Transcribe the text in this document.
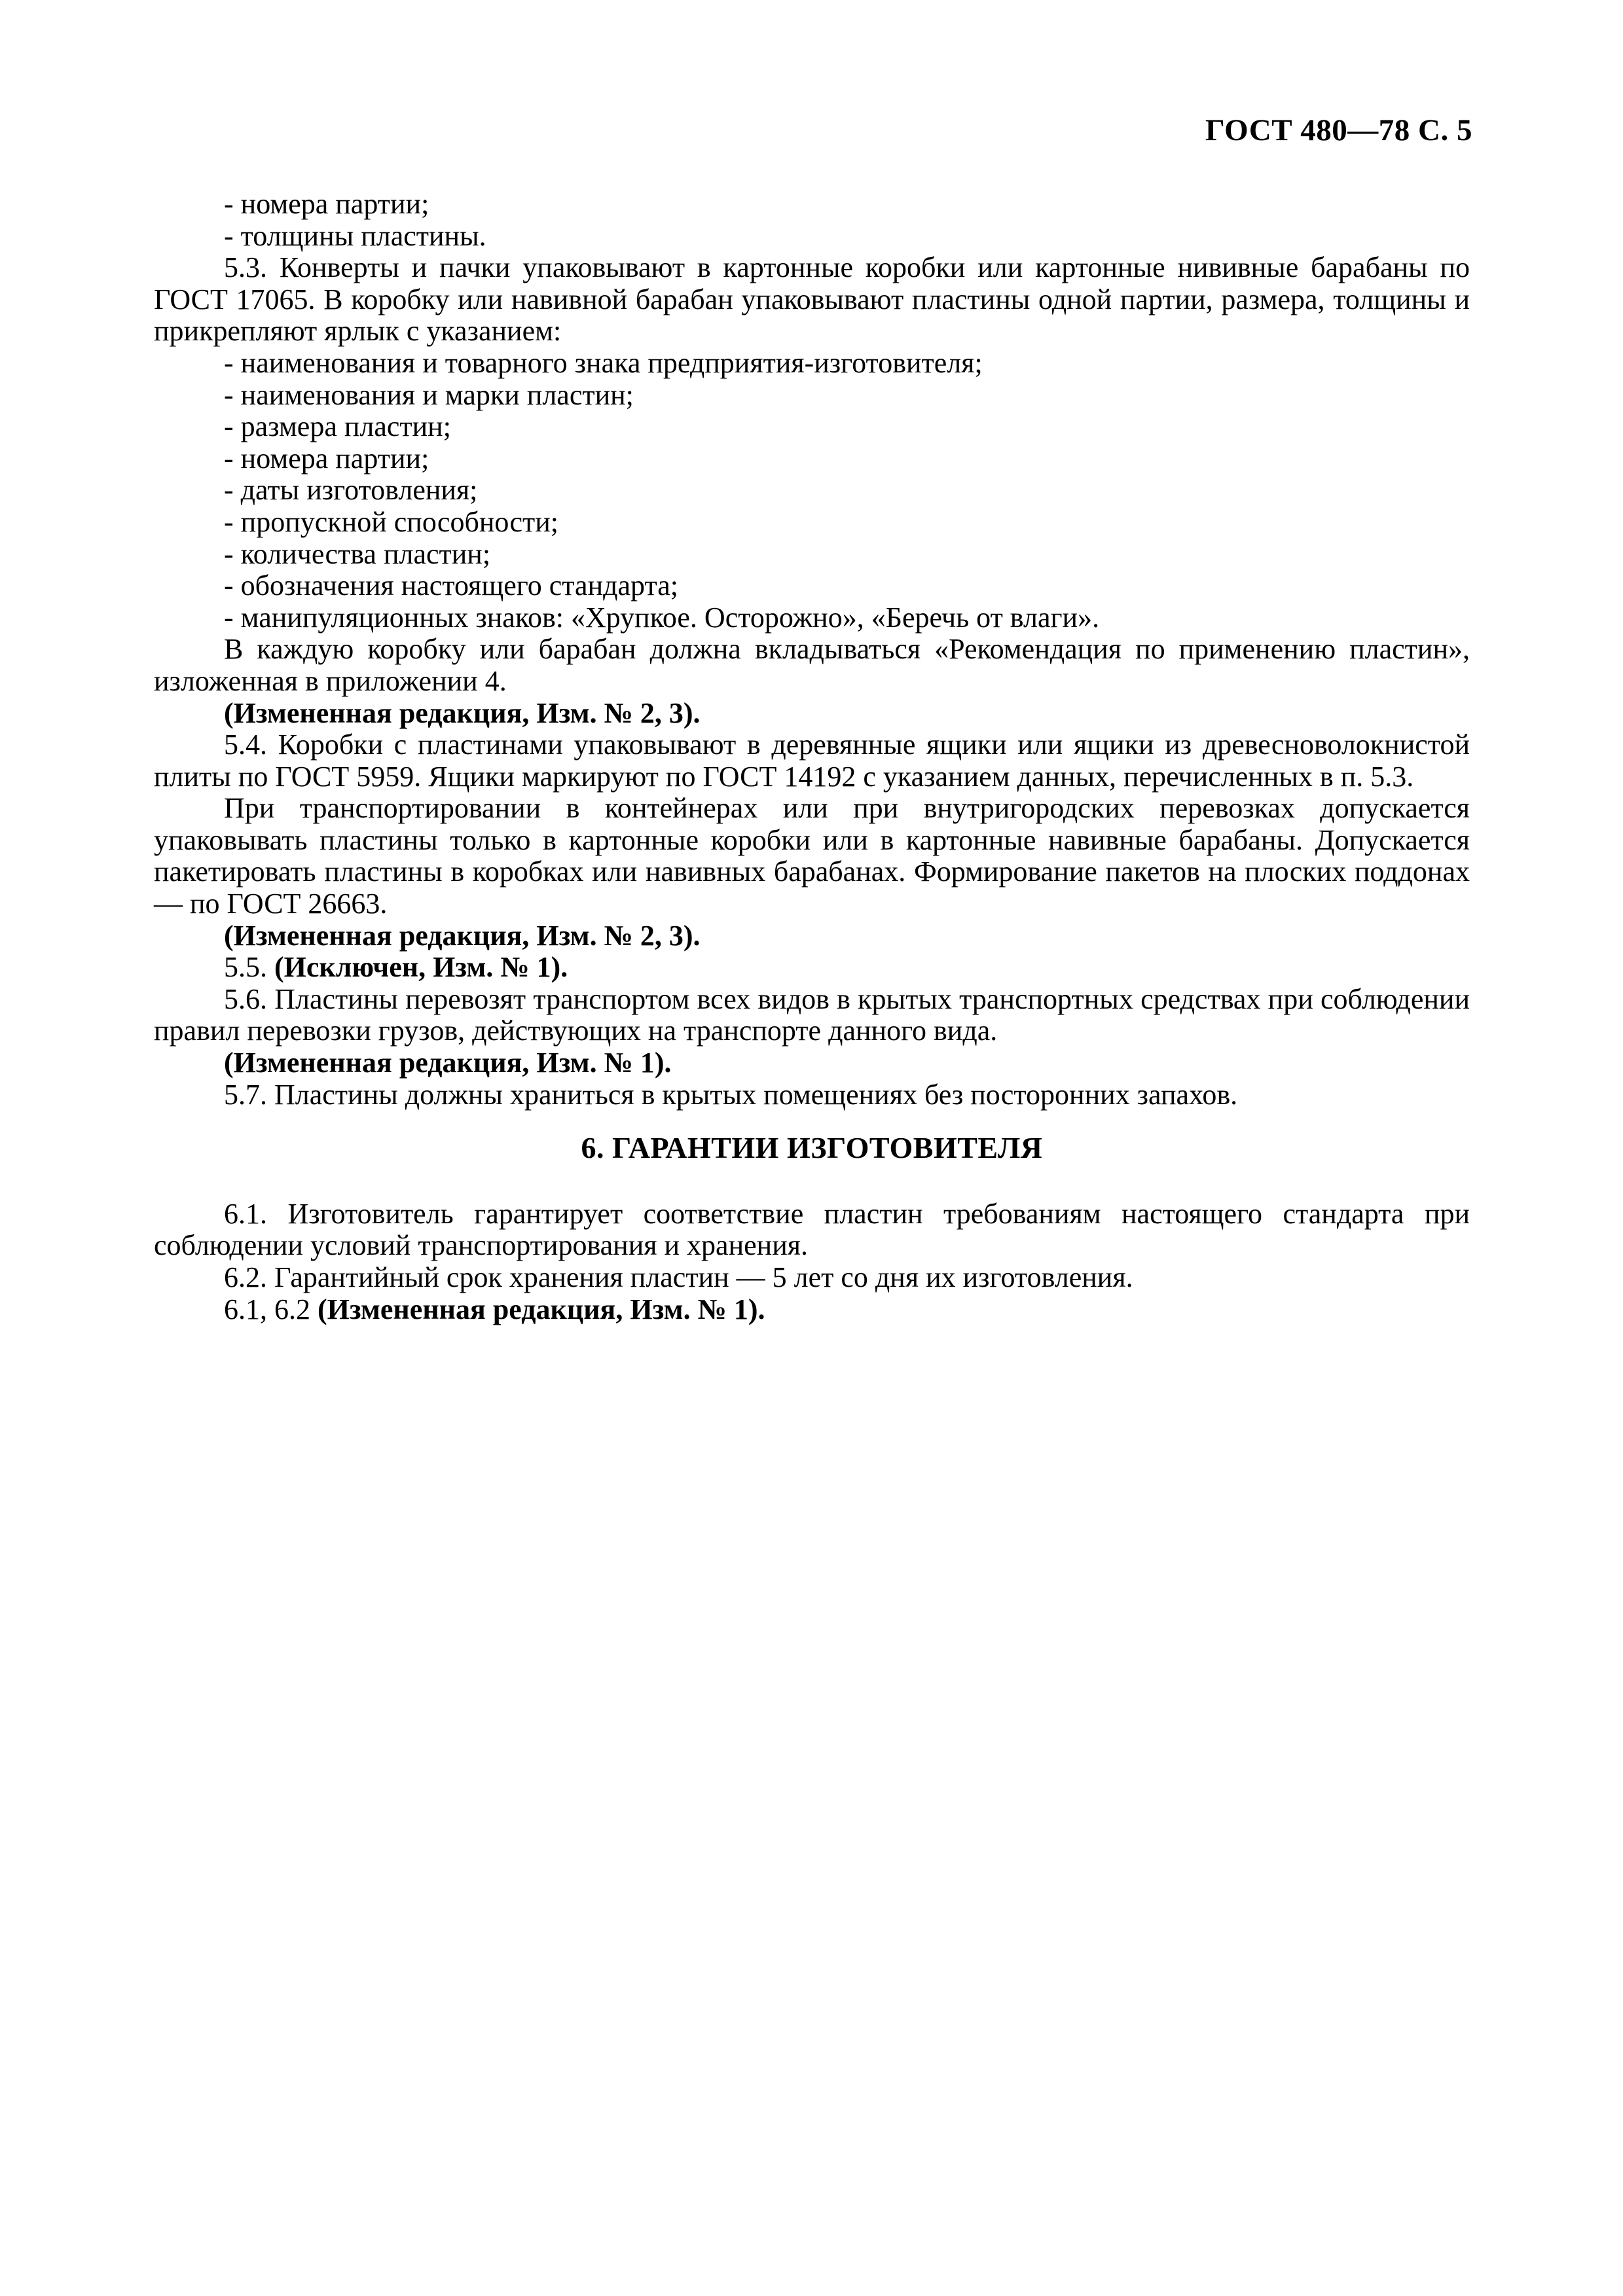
ГОСТ 480—78 С. 5

- номера партии;

- толщины пластины.

5.3. Конверты и пачки упаковывают в картонные коробки или картонные нививные барабаны по ГОСТ 17065. В коробку или навивной барабан упаковывают пластины одной партии, размера, толщины и прикрепляют ярлык с указанием:

- наименования и товарного знака предприятия-изготовителя;

- наименования и марки пластин;

- размера пластин;

- номера партии;

- даты изготовления;

- пропускной способности;

- количества пластин;

- обозначения настоящего стандарта;

- манипуляционных знаков: «Хрупкое. Осторожно», «Беречь от влаги».

В каждую коробку или барабан должна вкладываться «Рекомендация по применению пластин», изложенная в приложении 4.

(Измененная редакция, Изм. № 2, 3).

5.4. Коробки с пластинами упаковывают в деревянные ящики или ящики из древесноволокнистой плиты по ГОСТ 5959. Ящики маркируют по ГОСТ 14192 с указанием данных, перечисленных в п. 5.3.

При транспортировании в контейнерах или при внутригородских перевозках допускается упаковывать пластины только в картонные коробки или в картонные навивные барабаны. Допускается пакетировать пластины в коробках или навивных барабанах. Формирование пакетов на плоских поддонах — по ГОСТ 26663.

(Измененная редакция, Изм. № 2, 3).

5.5. (Исключен, Изм. № 1).

5.6. Пластины перевозят транспортом всех видов в крытых транспортных средствах при соблюдении правил перевозки грузов, действующих на транспорте данного вида.

(Измененная редакция, Изм. № 1).

5.7. Пластины должны храниться в крытых помещениях без посторонних запахов.

6. ГАРАНТИИ ИЗГОТОВИТЕЛЯ

6.1. Изготовитель гарантирует соответствие пластин требованиям настоящего стандарта при соблюдении условий транспортирования и хранения.

6.2. Гарантийный срок хранения пластин — 5 лет со дня их изготовления.

6.1, 6.2 (Измененная редакция, Изм. № 1).
